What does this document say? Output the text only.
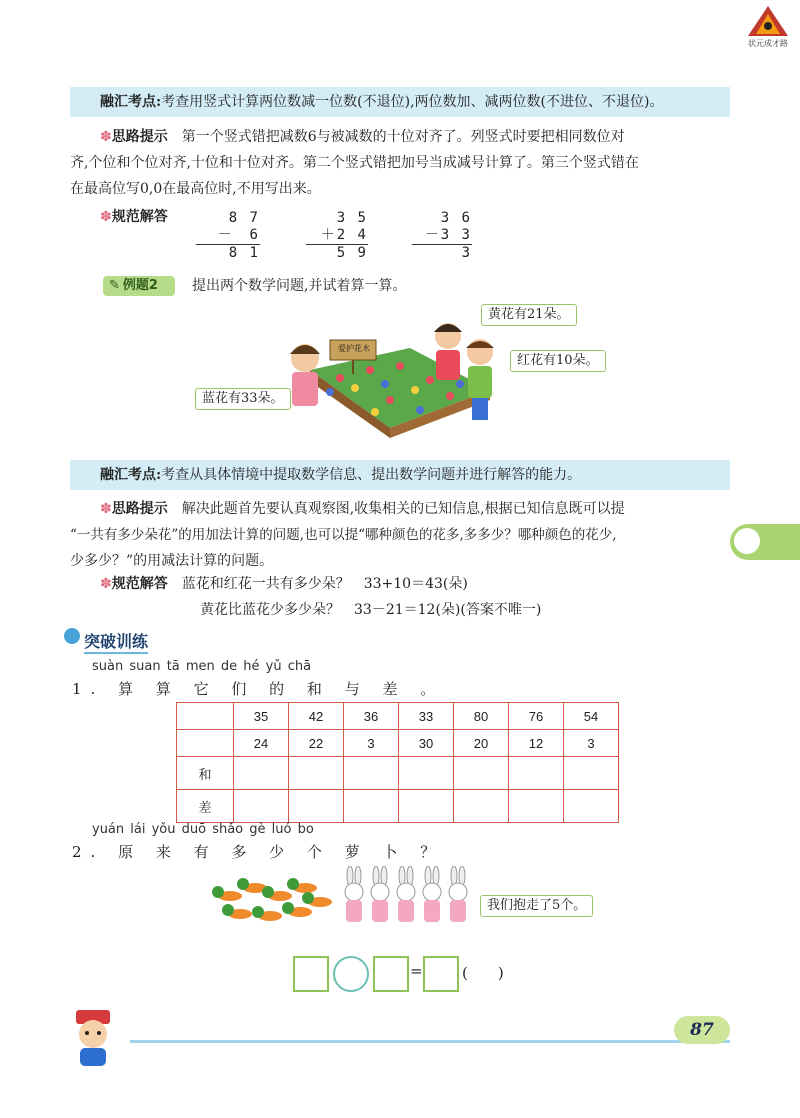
状元成才路
融汇考点:考查用竖式计算两位数减一位数(不退位),两位数加、减两位数(不进位、不退位)。
✽思路提示　 第一个竖式错把减数6与被减数的十位对齐了。列竖式时要把相同数位对
齐,个位和个位对齐,十位和十位对齐。第二个竖式错把加号当成减号计算了。第三个竖式错在
在最高位写0,0在最高位时,不用写出来。
✽规范解答	8 7
－　6
8 1
3 5
＋2 4
5 9
3 6
－3 3
3
✎ 例题2	提出两个数学问题,并试着算一算。
爱护花木
黄花有21朵。
红花有10朵。
蓝花有33朵。
融汇考点:考查从具体情境中提取数学信息、提出数学问题并进行解答的能力。
✽思路提示　 解决此题首先要认真观察图,收集相关的已知信息,根据已知信息既可以提
“一共有多少朵花”的用加法计算的问题,也可以提“哪种颜色的花多,多多少？哪种颜色的花少,
少多少？”的用减法计算的问题。
✽规范解答　 蓝花和红花一共有多少朵？　33+10＝43(朵)
黄花比蓝花少多少朵？　33－21＝12(朵)(答案不唯一)
突破训练
suàn suan tā men de hé yǔ chā
1. 算 算 它 们 的 和 与 差 。
	35	42	36	33	80	76	54
	24	22	3	30	20	12	3
和							
差							
yuán lái yǒu duō shǎo gè luó bo
2. 原 来 有 多 少 个 萝 卜 ？
我们抱走了5个。
=	(　　)
87
